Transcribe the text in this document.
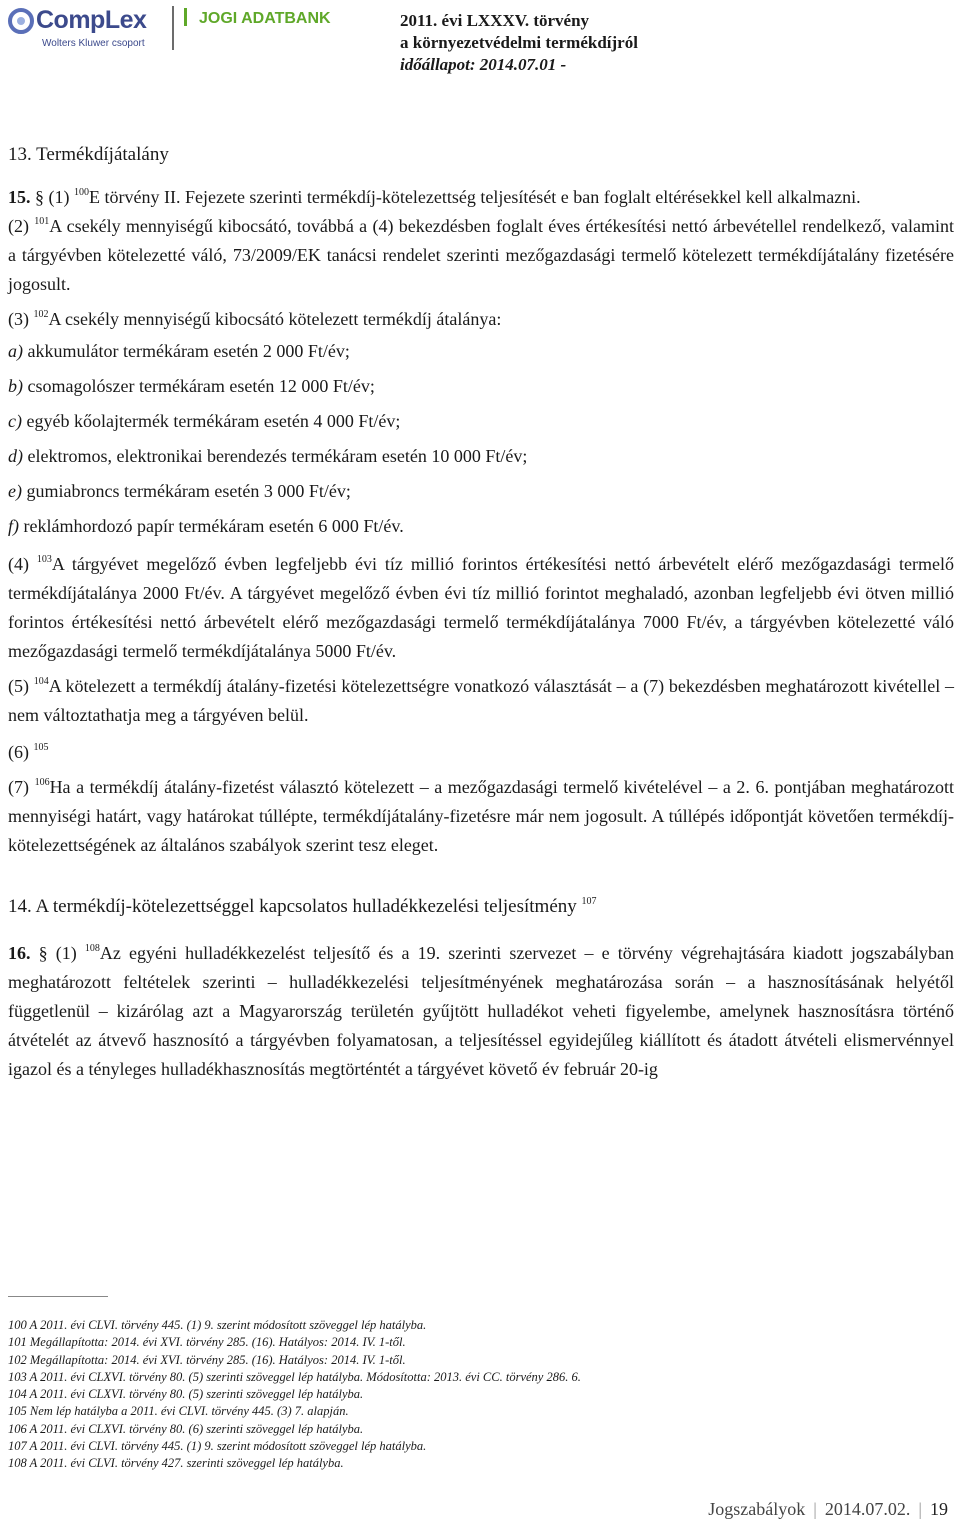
CompLex
Wolters Kluwer csoport
JOGI ADATBANK	2011. évi LXXXV. törvény
a környezetvédelmi termékdíjról
időállapot: 2014.07.01 -

13. Termékdíjátalány

15. § (1) $^{100}$E törvény II. Fejezete szerinti termékdíj-kötelezettség teljesítését e ban foglalt eltérésekkel kell alkalmazni.

(2) $^{101}$A csekély mennyiségű kibocsátó, továbbá a (4) bekezdésben foglalt éves értékesítési nettó árbevétellel rendelkező, valamint a tárgyévben kötelezetté váló, 73/2009/EK tanácsi rendelet szerinti mezőgazdasági termelő kötelezett termékdíjátalány fizetésére jogosult.

(3) $^{102}$A csekély mennyiségű kibocsátó kötelezett termékdíj átalánya:

a) akkumulátor termékáram esetén 2 000 Ft/év;

b) csomagolószer termékáram esetén 12 000 Ft/év;

c) egyéb kőolajtermék termékáram esetén 4 000 Ft/év;

d) elektromos, elektronikai berendezés termékáram esetén 10 000 Ft/év;

e) gumiabroncs termékáram esetén 3 000 Ft/év;

f) reklámhordozó papír termékáram esetén 6 000 Ft/év.

(4) $^{103}$A tárgyévet megelőző évben legfeljebb évi tíz millió forintos értékesítési nettó árbevételt elérő mezőgazdasági termelő termékdíjátalánya 2000 Ft/év. A tárgyévet megelőző évben évi tíz millió forintot meghaladó, azonban legfeljebb évi ötven millió forintos értékesítési nettó árbevételt elérő mezőgazdasági termelő termékdíjátalánya 7000 Ft/év, a tárgyévben kötelezetté váló mezőgazdasági termelő termékdíjátalánya 5000 Ft/év.

(5) $^{104}$A kötelezett a termékdíj átalány-fizetési kötelezettségre vonatkozó választását – a (7) bekezdésben meghatározott kivétellel – nem változtathatja meg a tárgyéven belül.

(6) $^{105}$

(7) $^{106}$Ha a termékdíj átalány-fizetést választó kötelezett – a mezőgazdasági termelő kivételével – a 2. 6. pontjában meghatározott mennyiségi határt, vagy határokat túllépte, termékdíjátalány-fizetésre már nem jogosult. A túllépés időpontját követően termékdíj-kötelezettségének az általános szabályok szerint tesz eleget.

14. A termékdíj-kötelezettséggel kapcsolatos hulladékkezelési teljesítmény $^{107}$

16. § (1) $^{108}$Az egyéni hulladékkezelést teljesítő és a 19. szerinti szervezet – e törvény végrehajtására kiadott jogszabályban meghatározott feltételek szerinti – hulladékkezelési teljesítményének meghatározása során – a hasznosításának helyétől függetlenül – kizárólag azt a Magyarország területén gyűjtött hulladékot veheti figyelembe, amelynek hasznosításra történő átvételét az átvevő hasznosító a tárgyévben folyamatosan, a teljesítéssel egyidejűleg kiállított és átadott átvételi elismervénnyel igazol és a tényleges hulladékhasznosítás megtörténtét a tárgyévet követő év február 20-ig

100 A 2011. évi CLVI. törvény 445. (1) 9. szerint módosított szöveggel lép hatályba.
101 Megállapította: 2014. évi XVI. törvény 285. (16). Hatályos: 2014. IV. 1-től.
102 Megállapította: 2014. évi XVI. törvény 285. (16). Hatályos: 2014. IV. 1-től.
103 A 2011. évi CLXVI. törvény 80. (5) szerinti szöveggel lép hatályba. Módosította: 2013. évi CC. törvény 286. 6.
104 A 2011. évi CLXVI. törvény 80. (5) szerinti szöveggel lép hatályba.
105 Nem lép hatályba a 2011. évi CLVI. törvény 445. (3) 7. alapján.
106 A 2011. évi CLXVI. törvény 80. (6) szerinti szöveggel lép hatályba.
107 A 2011. évi CLVI. törvény 445. (1) 9. szerint módosított szöveggel lép hatályba.
108 A 2011. évi CLVI. törvény 427. szerinti szöveggel lép hatályba.
Jogszabályok | 2014.07.02. | 19
